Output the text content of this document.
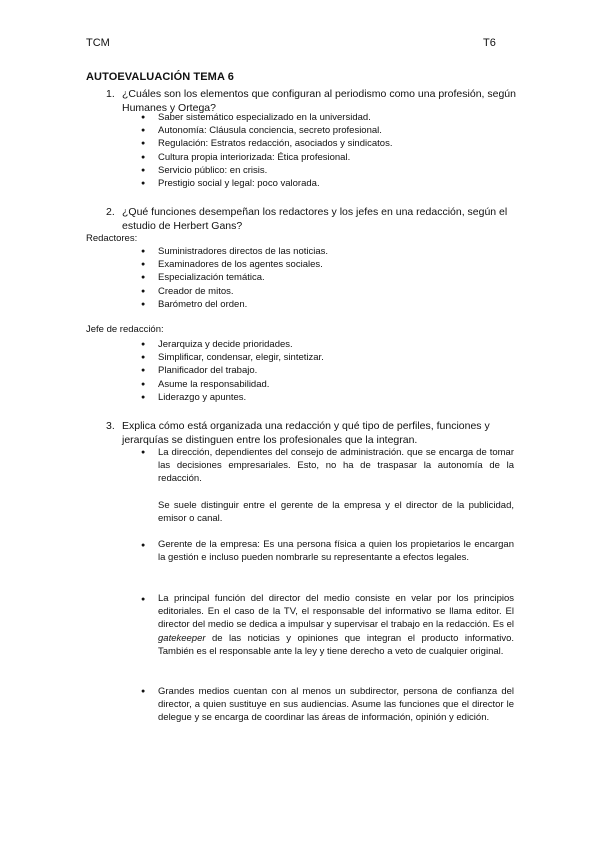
TCM	T6
AUTOEVALUACIÓN TEMA 6
1. ¿Cuáles son los elementos que configuran al periodismo como una profesión, según Humanes y Ortega?
● Saber sistemático especializado en la universidad.
● Autonomía: Cláusula conciencia, secreto profesional.
● Regulación: Estratos redacción, asociados y sindicatos.
● Cultura propia interiorizada: Ética profesional.
● Servicio público: en crisis.
● Prestigio social y legal: poco valorada.
2. ¿Qué funciones desempeñan los redactores y los jefes en una redacción, según el estudio de Herbert Gans?
Redactores:
● Suministradores directos de las noticias.
● Examinadores de los agentes sociales.
● Especialización temática.
● Creador de mitos.
● Barómetro del orden.
Jefe de redacción:
● Jerarquiza y decide prioridades.
● Simplificar, condensar, elegir, sintetizar.
● Planificador del trabajo.
● Asume la responsabilidad.
● Liderazgo y apuntes.
3. Explica cómo está organizada una redacción y qué tipo de perfiles, funciones y jerarquías se distinguen entre los profesionales que la integran.
● La dirección, dependientes del consejo de administración. que se encarga de tomar las decisiones empresariales. Esto, no ha de traspasar la autonomía de la redacción.
Se suele distinguir entre el gerente de la empresa y el director de la publicidad, emisor o canal.
● Gerente de la empresa: Es una persona física a quien los propietarios le encargan la gestión e incluso pueden nombrarle su representante a efectos legales.
● La principal función del director del medio consiste en velar por los principios editoriales. En el caso de la TV, el responsable del informativo se llama editor. El director del medio se dedica a impulsar y supervisar el trabajo en la redacción. Es el gatekeeper de las noticias y opiniones que integran el producto informativo. También es el responsable ante la ley y tiene derecho a veto de cualquier original.
● Grandes medios cuentan con al menos un subdirector, persona de confianza del director, a quien sustituye en sus audiencias. Asume las funciones que el director le delegue y se encarga de coordinar las áreas de información, opinión y edición.
